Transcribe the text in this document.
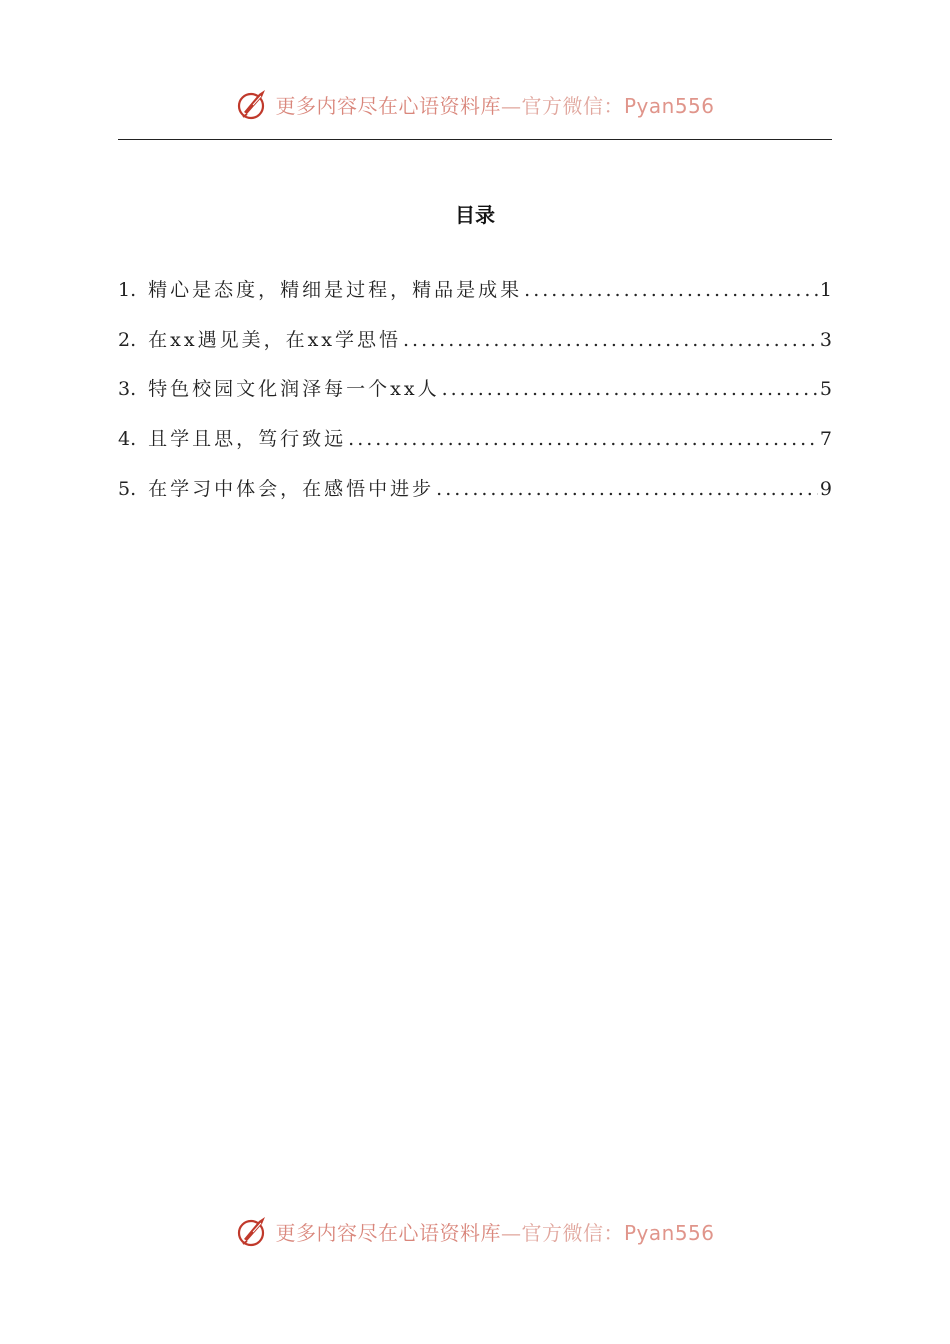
更多内容尽在心语资料库—官方微信：Pyan556
目录
1. 精心是态度，精细是过程，精品是成果 .....	1
2. 在xx遇见美，在xx学思悟 .....	3
3. 特色校园文化润泽每一个xx人 .....	5
4. 且学且思，笃行致远 .....	7
5. 在学习中体会，在感悟中进步 .....	9
更多内容尽在心语资料库—官方微信：Pyan556
